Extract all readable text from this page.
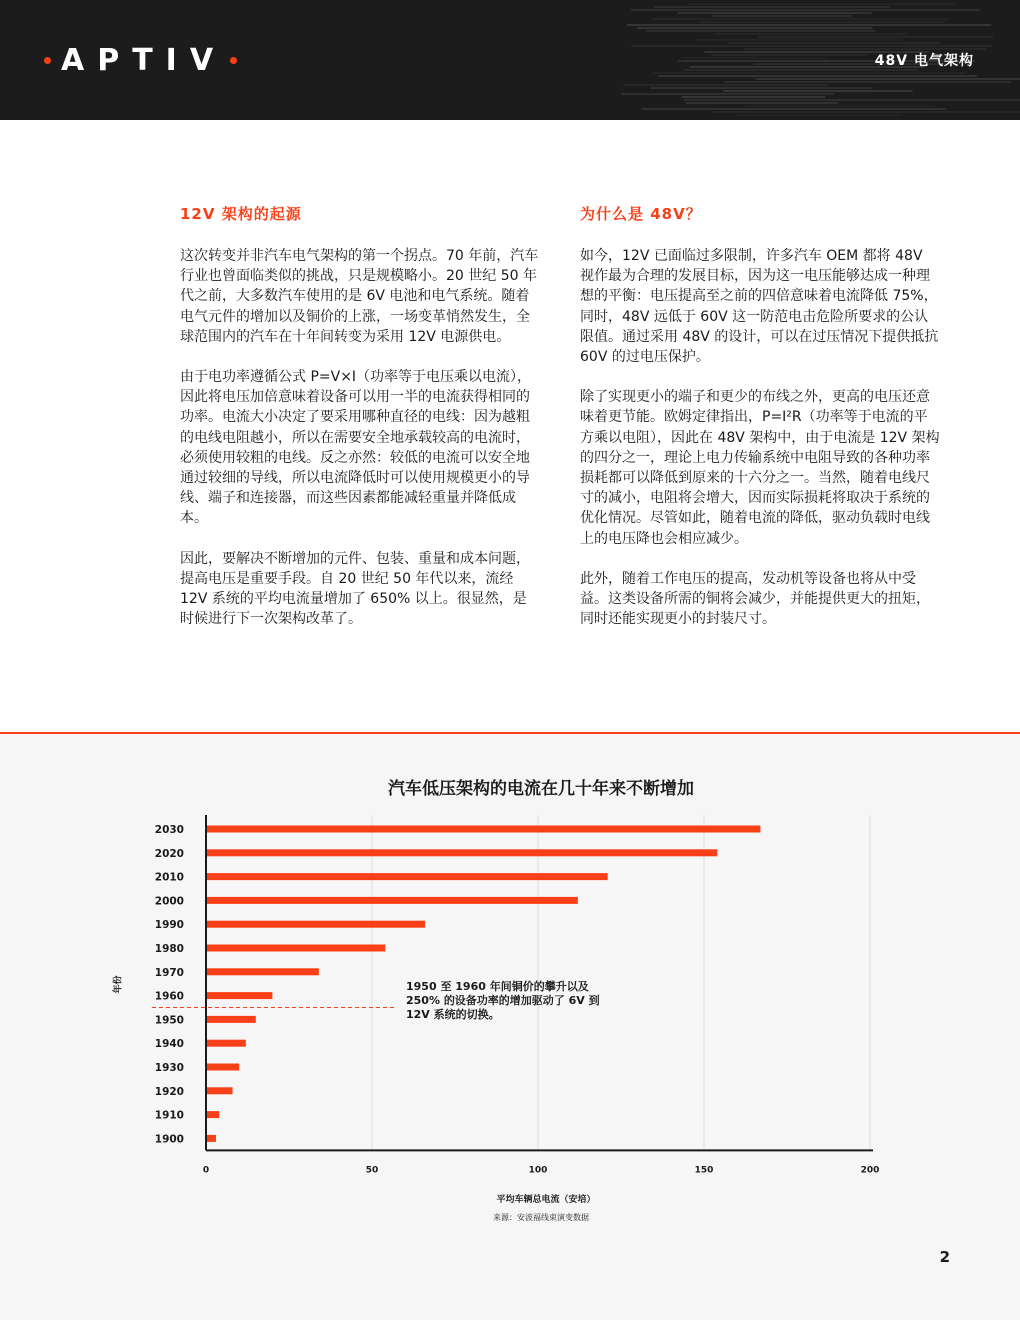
APTIV	48V 电气架构
12V 架构的起源

这次转变并非汽车电气架构的第一个拐点。70 年前，汽车行业也曾面临类似的挑战，只是规模略小。20 世纪 50 年代之前，大多数汽车使用的是 6V 电池和电气系统。随着电气元件的增加以及铜价的上涨，一场变革悄然发生，全球范围内的汽车在十年间转变为采用 12V 电源供电。

由于电功率遵循公式 P=V×I（功率等于电压乘以电流），因此将电压加倍意味着设备可以用一半的电流获得相同的功率。电流大小决定了要采用哪种直径的电线：因为越粗的电线电阻越小，所以在需要安全地承载较高的电流时，必须使用较粗的电线。反之亦然：较低的电流可以安全地通过较细的导线，所以电流降低时可以使用规模更小的导线、端子和连接器，而这些因素都能减轻重量并降低成本。

因此，要解决不断增加的元件、包装、重量和成本问题，提高电压是重要手段。自 20 世纪 50 年代以来，流经 12V 系统的平均电流量增加了 650% 以上。很显然，是时候进行下一次架构改革了。

为什么是 48V？

如今，12V 已面临过多限制，许多汽车 OEM 都将 48V 视作最为合理的发展目标，因为这一电压能够达成一种理想的平衡：电压提高至之前的四倍意味着电流降低 75%，同时，48V 远低于 60V 这一防范电击危险所要求的公认限值。通过采用 48V 的设计，可以在过压情况下提供抵抗 60V 的过电压保护。

除了实现更小的端子和更少的布线之外，更高的电压还意味着更节能。欧姆定律指出，P=I²R（功率等于电流的平方乘以电阻），因此在 48V 架构中，由于电流是 12V 架构的四分之一，理论上电力传输系统中电阻导致的各种功率损耗都可以降低到原来的十六分之一。当然，随着电线尺寸的减小，电阻将会增大，因而实际损耗将取决于系统的优化情况。尽管如此，随着电流的降低，驱动负载时电线上的电压降也会相应减少。

此外，随着工作电压的提高，发动机等设备也将从中受益。这类设备所需的铜将会减少，并能提供更大的扭矩，同时还能实现更小的封装尺寸。

汽车低压架构的电流在几十年来不断增加
0	50	100	150	200
2030
2020
2010
2000
1990
1980
1970
1960
1950
1940
1930
1920
1910
1900
年份	1950 至 1960 年间铜价的攀升以及 250% 的设备功率的增加驱动了 6V 到 12V 系统的切换。
平均车辆总电流（安培）
来源：安波福线束演变数据
2
